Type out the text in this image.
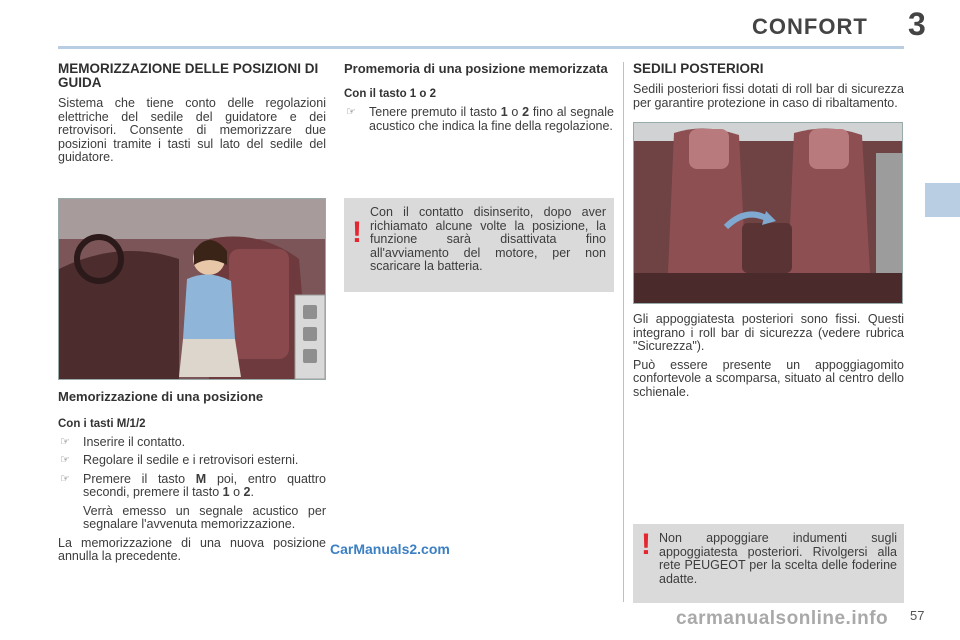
CONFORT 3
MEMORIZZAZIONE DELLE POSIZIONI DI GUIDA

Sistema che tiene conto delle regolazioni elettriche del sedile del guidatore e dei retrovisori. Consente di memorizzare due posizioni tramite i tasti sul lato del sedile del guidatore.

Memorizzazione di una posizione
Con i tasti M/1/2
☞ Inserire il contatto.
☞ Regolare il sedile e i retrovisori esterni.
☞ Premere il tasto M poi, entro quattro secondi, premere il tasto 1 o 2.

Verrà emesso un segnale acustico per segnalare l'avvenuta memorizzazione.

La memorizzazione di una nuova posizione annulla la precedente.

Promemoria di una posizione memorizzata
Con il tasto 1 o 2
☞ Tenere premuto il tasto 1 o 2 fino al segnale acustico che indica la fine della regolazione.
!
Con il contatto disinserito, dopo aver richiamato alcune volte la posizione, la funzione sarà disattivata fino all'avviamento del motore, per non scaricare la batteria.
SEDILI POSTERIORI

Sedili posteriori fissi dotati di roll bar di sicurezza per garantire protezione in caso di ribaltamento.

Gli appoggiatesta posteriori sono fissi. Questi integrano i roll bar di sicurezza (vedere rubrica "Sicurezza").

Può essere presente un appoggiagomito confortevole a scomparsa, situato al centro dello schienale.

! Non appoggiare indumenti sugli appoggiatesta posteriori. Rivolgersi alla rete PEUGEOT per la scelta delle foderine adatte.
CarManuals2.com
carmanualsonline.info 57
